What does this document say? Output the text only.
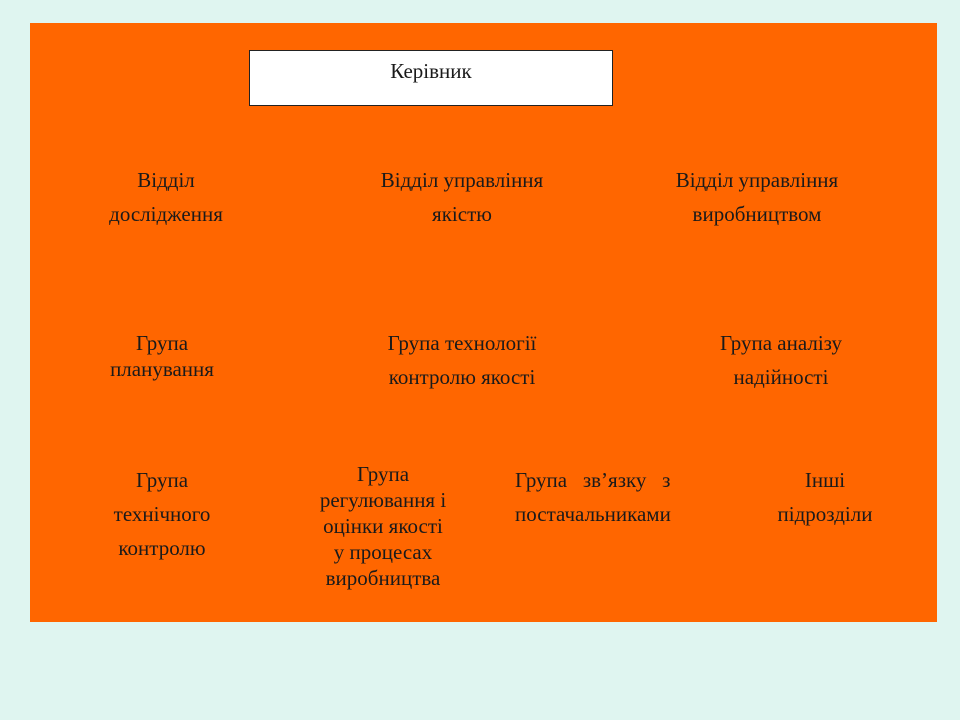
Керівник
Відділ
дослідження
Відділ управління
якістю
Відділ управління
виробництвом
Група
планування
Група технології
контролю якості
Група аналізу
надійності
Група
технічного
контролю
Група
регулювання і
оцінки якості
у процесах
виробництва
Група   зв’язку   з
постачальниками
Інші
підрозділи
